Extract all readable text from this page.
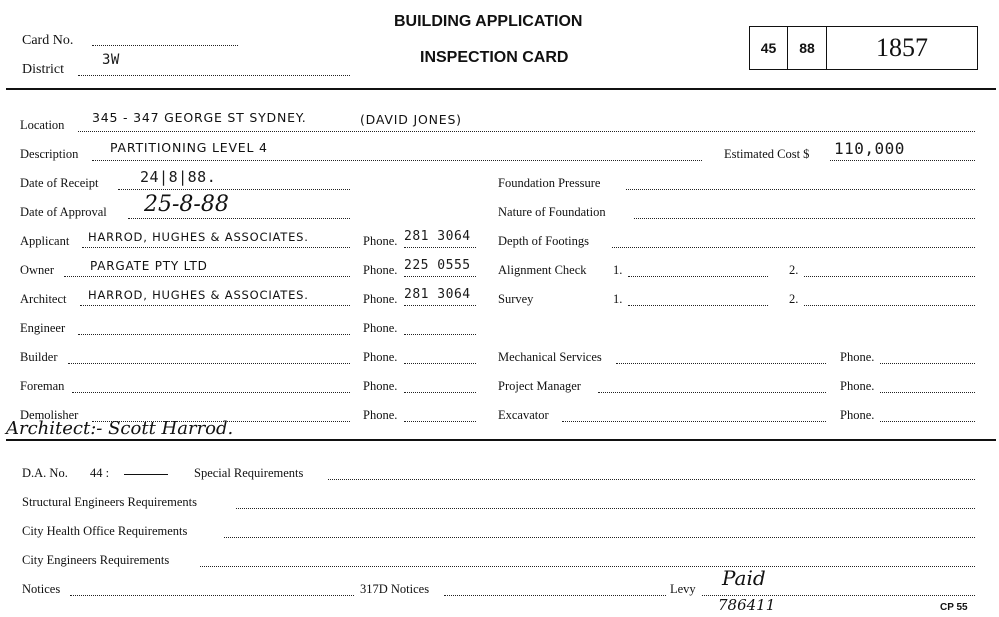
Card No.
District
3W
BUILDING APPLICATION
INSPECTION CARD
45	88	1857
Location 345 - 347 GEORGE ST SYDNEY.	(DAVID JONES)
Description	PARTITIONING LEVEL 4	Estimated Cost $ 110,000
Date of Receipt	24|8|88.
Date of Approval 25-8-88
Applicant HARROD, HUGHES & ASSOCIATES.	Phone. 281 3064
Owner	PARGATE PTY LTD	Phone. 225 0555
Architect HARROD, HUGHES & ASSOCIATES.	Phone. 281 3064
Engineer	Phone.
Builder	Phone.
Foreman	Phone.
Demolisher	Phone.
Architect:- Scott Harrod.
Foundation Pressure
Nature of Foundation
Depth of Footings
Alignment Check 1.	2.
Survey	1.	2.
Mechanical Services	Phone.
Project Manager	Phone.
Excavator	Phone.
D.A. No. 44 :	Special Requirements
Structural Engineers Requirements
City Health Office Requirements
City Engineers Requirements
Notices	317D Notices	Levy Paid
786411	CP 55
